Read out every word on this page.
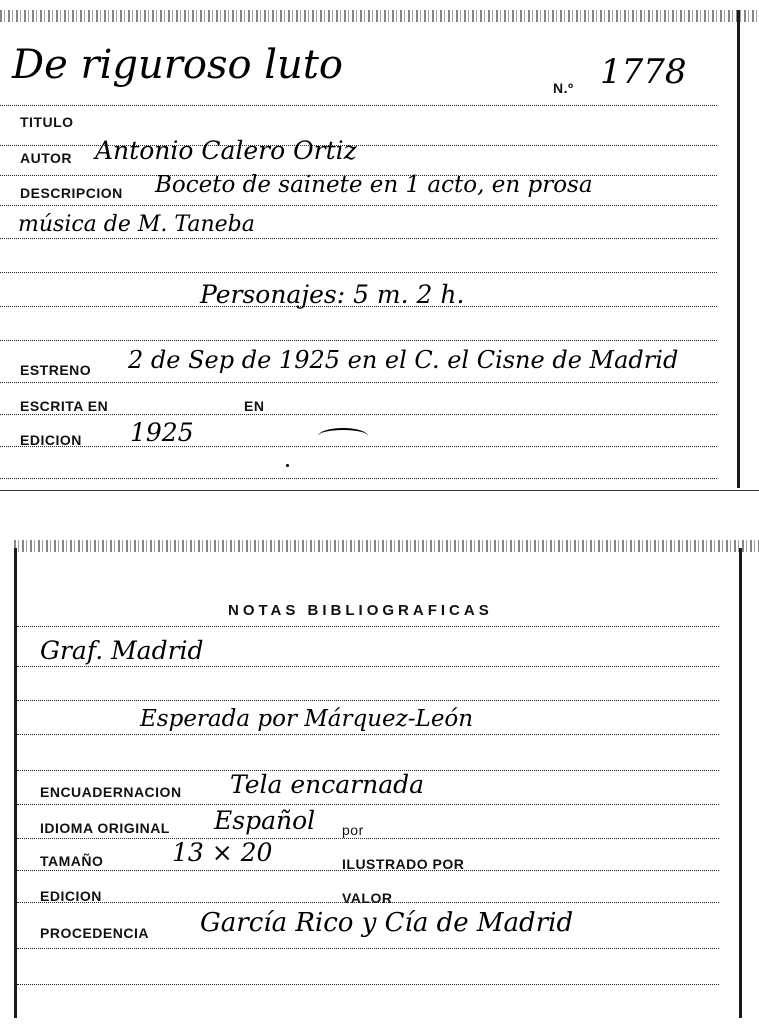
De riguroso luto	N.º 1778
TITULO
AUTOR Antonio Calero Ortiz
DESCRIPCION Boceto de sainete en 1 acto, en prosa
música de M. Taneba
Personajes: 5 m. 2 h.
ESTRENO 2 de Sep de 1925 en el C. el Cisne de Madrid
ESCRITA EN	EN
EDICION 1925
NOTAS BIBLIOGRAFICAS
Graf. Madrid
Esperada por Márquez-León
ENCUADERNACION Tela encarnada
IDIOMA ORIGINAL Español por
TAMAÑO	13 × 20	ILUSTRADO POR
EDICION	VALOR
PROCEDENCIA García Rico y Cía de Madrid
